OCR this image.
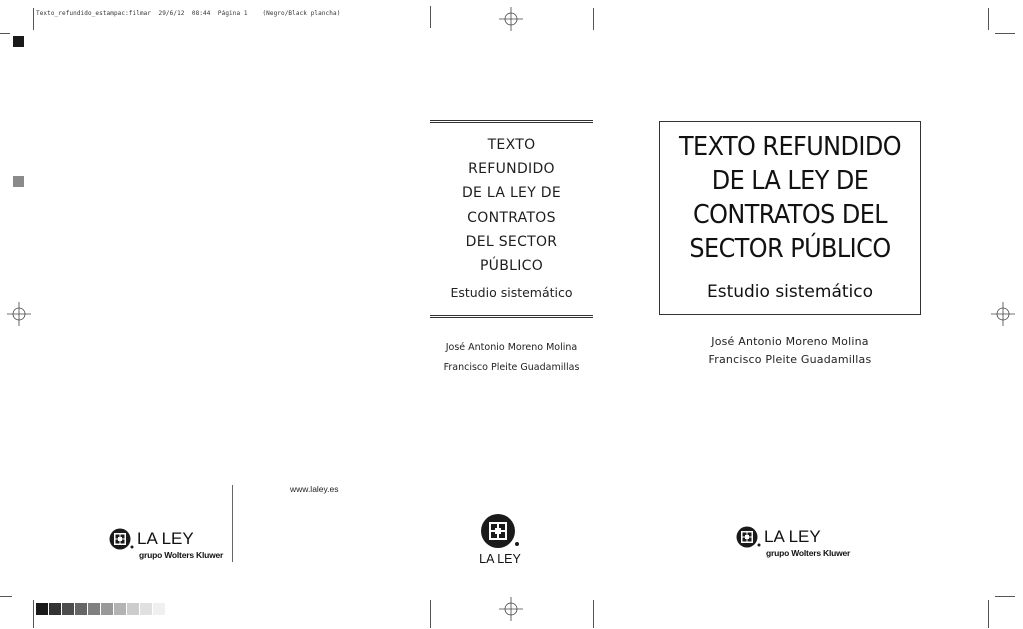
Texto_refundido_estampac:filmar  29/6/12  08:44  Página 1    (Negro/Black plancha)
TEXTO
REFUNDIDO
DE LA LEY DE
CONTRATOS
DEL SECTOR
PÚBLICO
Estudio sistemático
José Antonio Moreno Molina
Francisco Pleite Guadamillas
LA LEY
TEXTO REFUNDIDO
DE LA LEY DE
CONTRATOS DEL
SECTOR PÚBLICO
Estudio sistemático
José Antonio Moreno Molina
Francisco Pleite Guadamillas
LA LEY
grupo Wolters Kluwer
www.laley.es
LA LEY
grupo Wolters Kluwer
